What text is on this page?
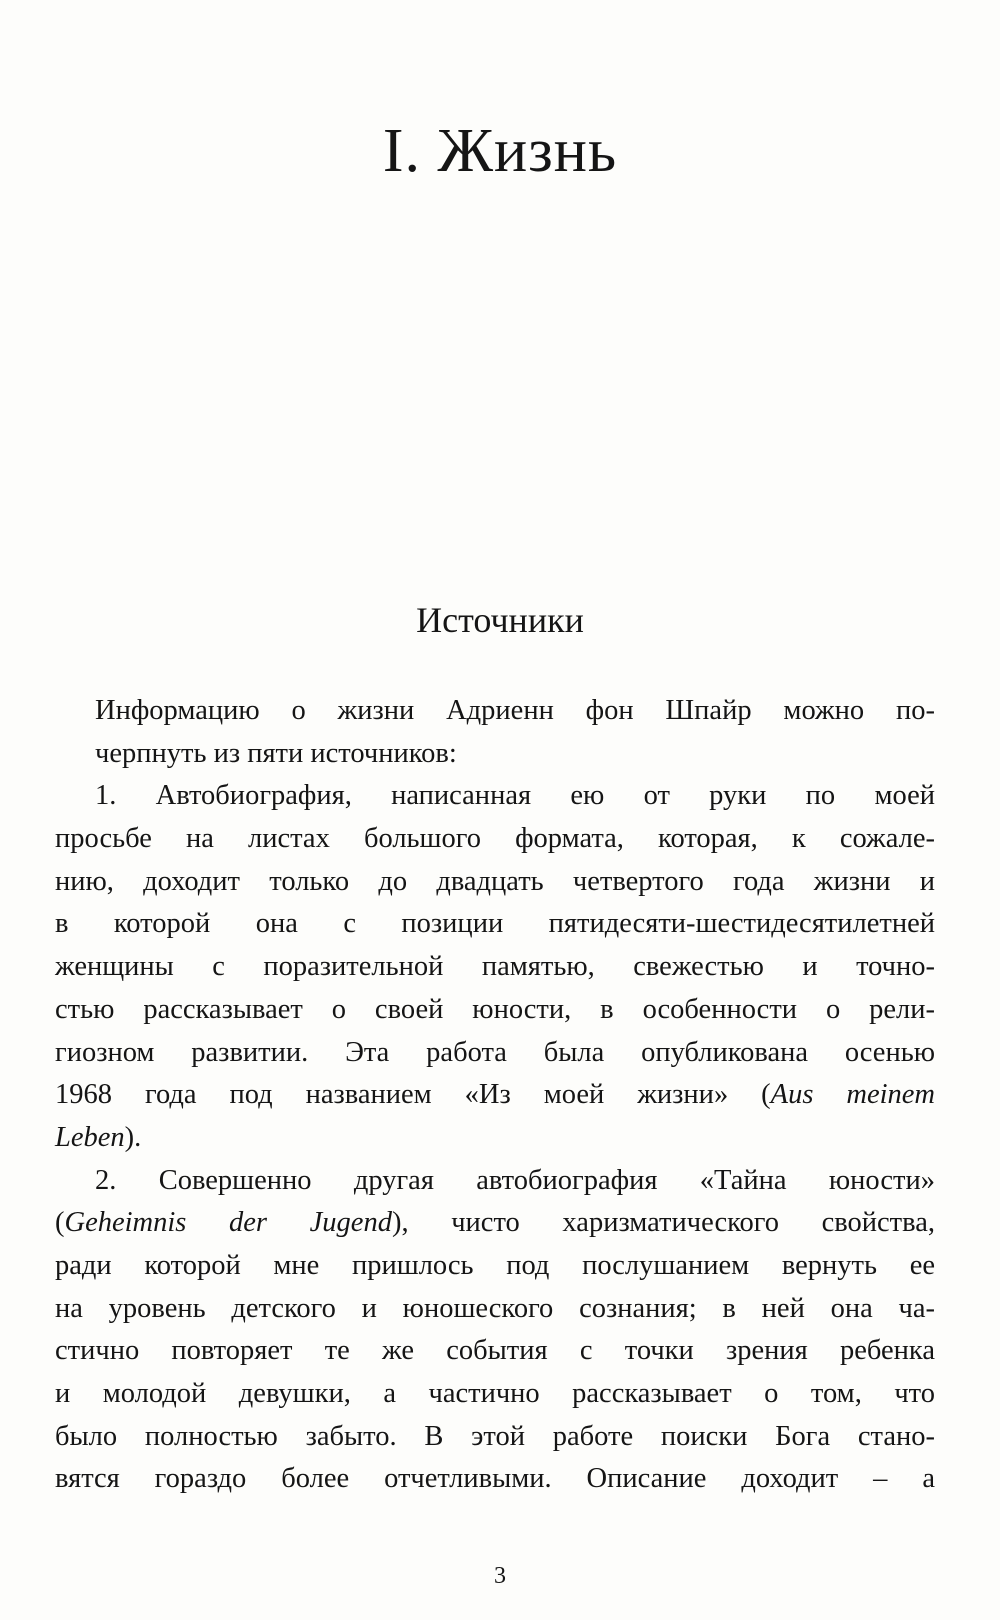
I. Жизнь
Источники
Информацию о жизни Адриенн фон Шпайр можно по-
черпнуть из пяти источников:
1. Автобиография, написанная ею от руки по моей
просьбе на листах большого формата, которая, к сожале-
нию, доходит только до двадцать четвертого года жизни и
в которой она с позиции пятидесяти-шестидесятилетней
женщины с поразительной памятью, свежестью и точно-
стью рассказывает о своей юности, в особенности о рели-
гиозном развитии. Эта работа была опубликована осенью
1968 года под названием «Из моей жизни» (Aus meinem
Leben).
2. Совершенно другая автобиография «Тайна юности»
(Geheimnis der Jugend), чисто харизматического свойства,
ради которой мне пришлось под послушанием вернуть ее
на уровень детского и юношеского сознания; в ней она ча-
стично повторяет те же события с точки зрения ребенка
и молодой девушки, а частично рассказывает о том, что
было полностью забыто. В этой работе поиски Бога стано-
вятся гораздо более отчетливыми. Описание доходит – а
3
